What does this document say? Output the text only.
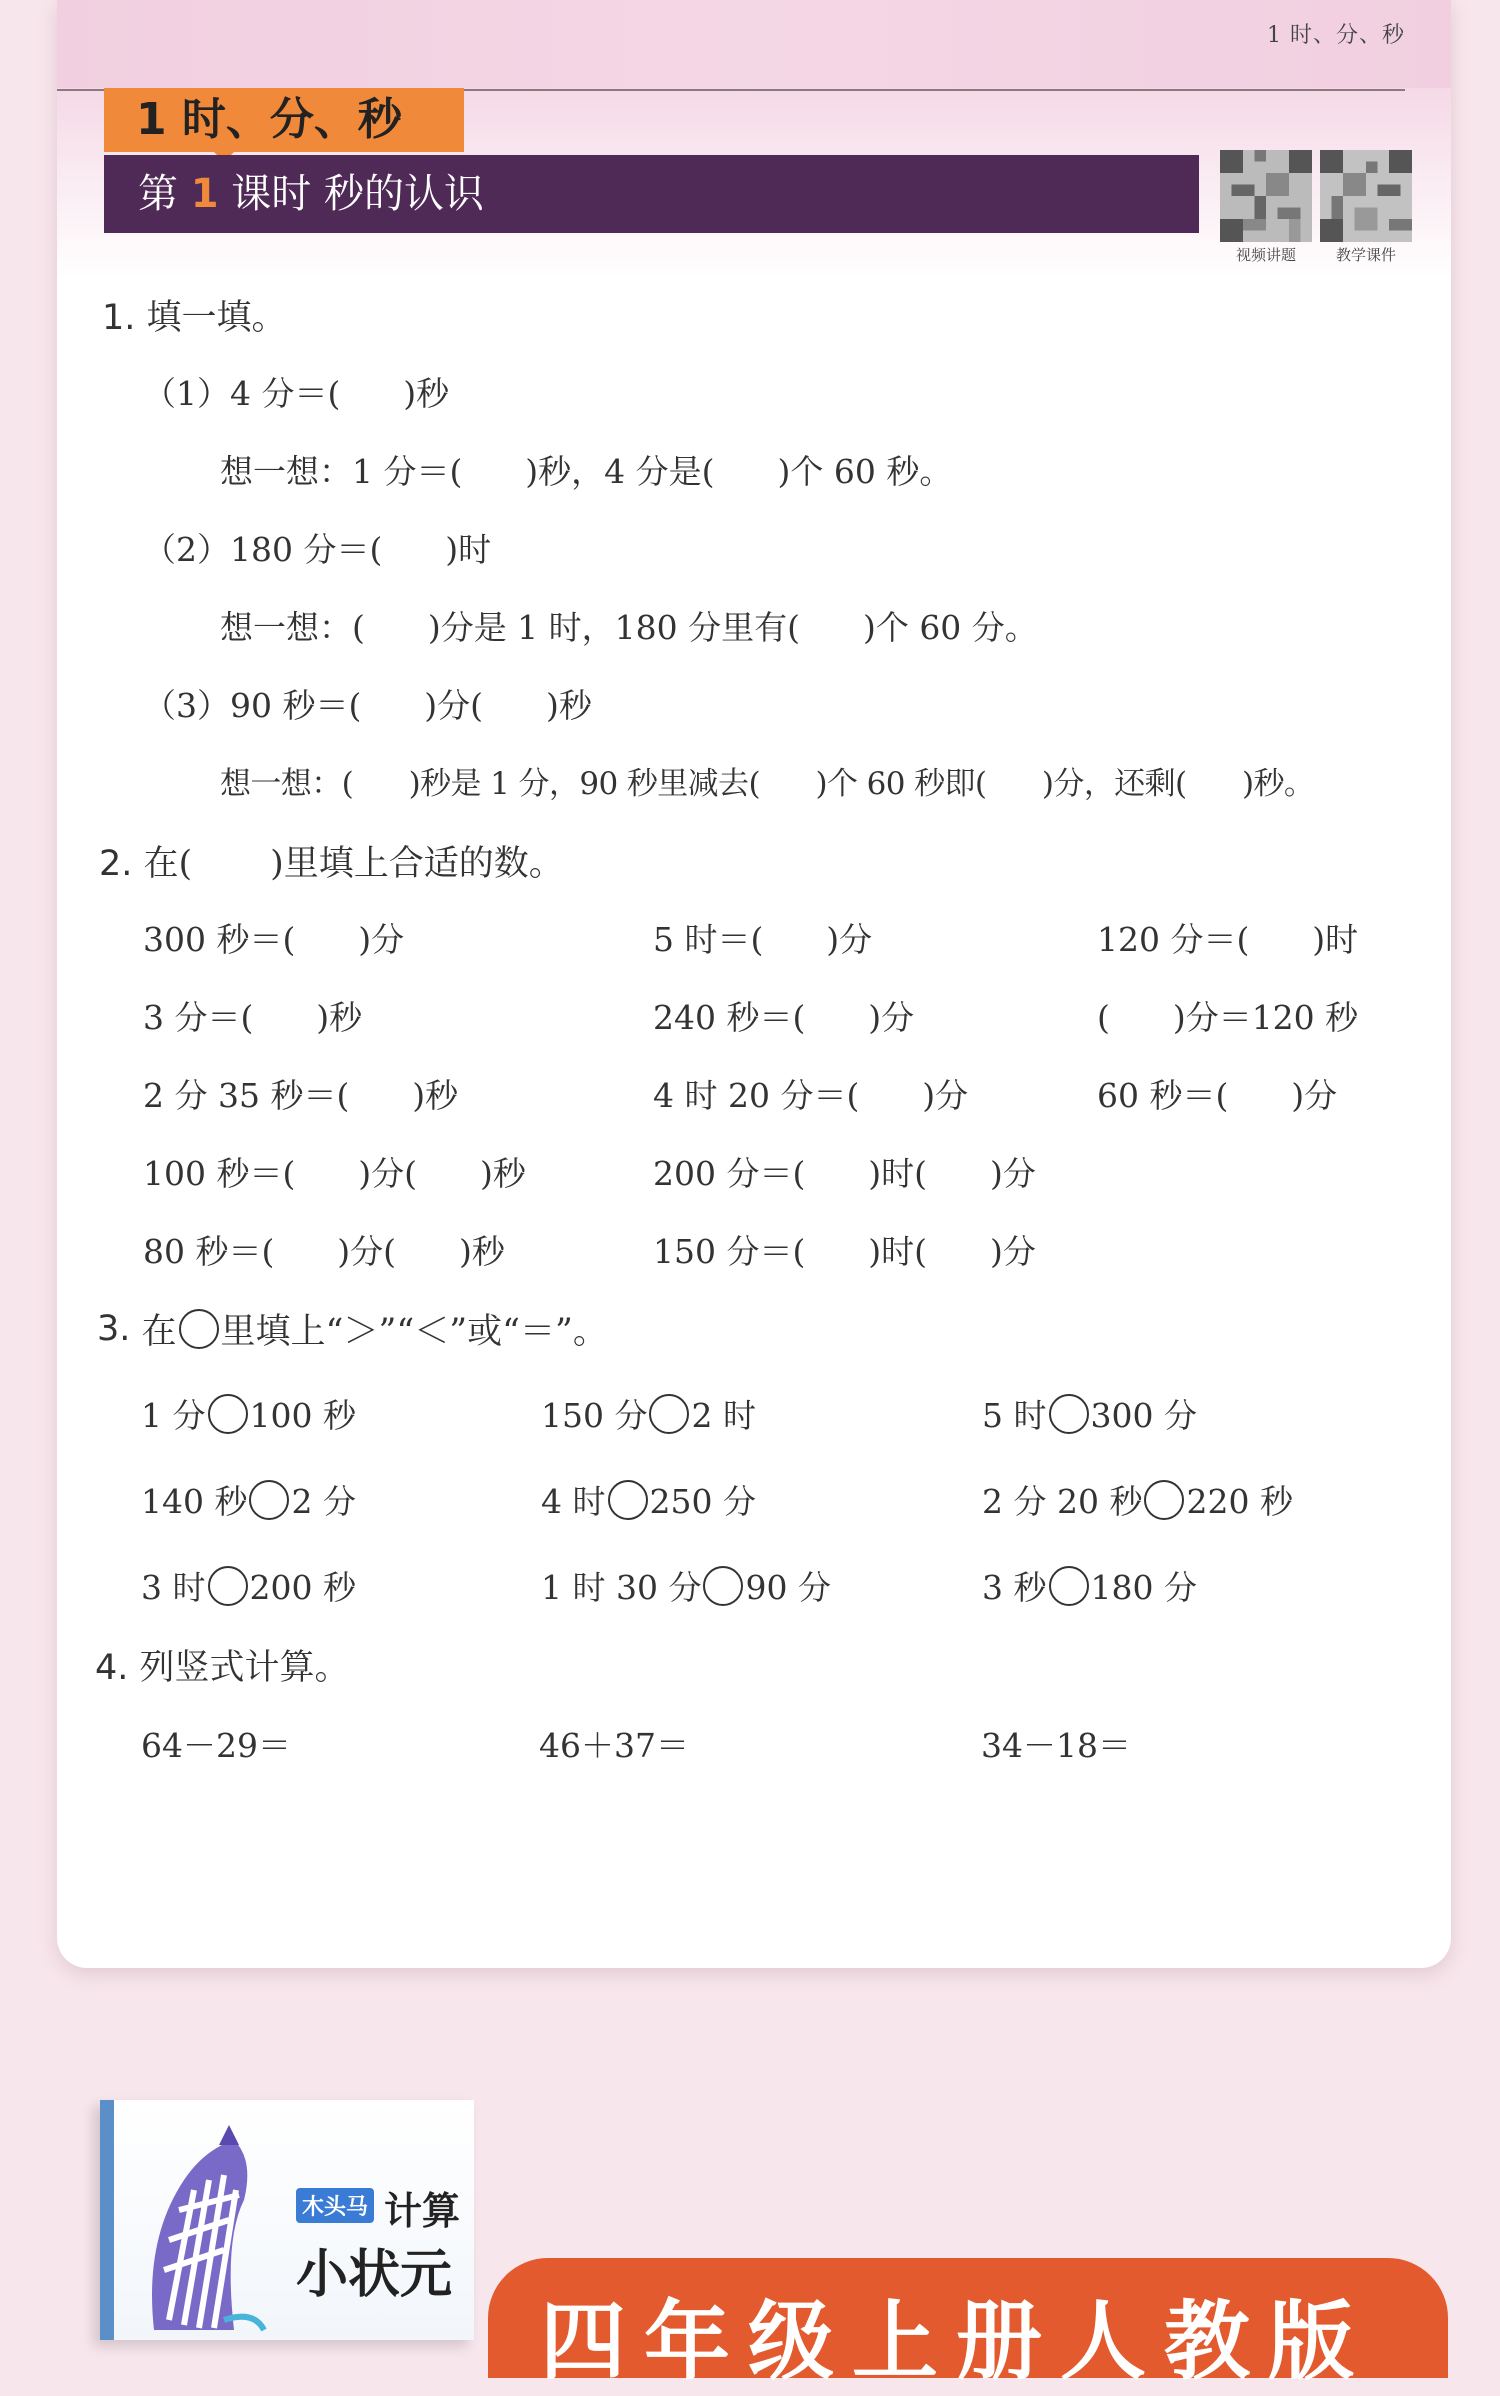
1 时、分、秒
1 时、分、秒
第 1 课时 秒的认识
视频讲题	教学课件
1. 填一填。
（1）4 分＝(      )秒
想一想：1 分＝(      )秒，4 分是(      )个 60 秒。
（2）180 分＝(      )时
想一想：(      )分是 1 时，180 分里有(      )个 60 分。
（3）90 秒＝(      )分(      )秒
想一想：(      )秒是 1 分，90 秒里减去(      )个 60 秒即(      )分，还剩(      )秒。
2. 在(       )里填上合适的数。
300 秒＝(      )分	5 时＝(      )分	120 分＝(      )时
3 分＝(      )秒	240 秒＝(      )分	(      )分＝120 秒
2 分 35 秒＝(      )秒	4 时 20 分＝(      )分	60 秒＝(      )分
100 秒＝(      )分(      )秒	200 分＝(      )时(      )分
80 秒＝(      )分(      )秒	150 分＝(      )时(      )分
3. 在 里填上“＞”“＜”或“＝”。
1 分 100 秒	150 分 2 时	5 时 300 分
140 秒 2 分	4 时 250 分	2 分 20 秒 220 秒
3 时 200 秒	1 时 30 分 90 分	3 秒 180 分
4. 列竖式计算。
64－29＝	46＋37＝	34－18＝
木头马 计算
小状元
四年级上册人教版
